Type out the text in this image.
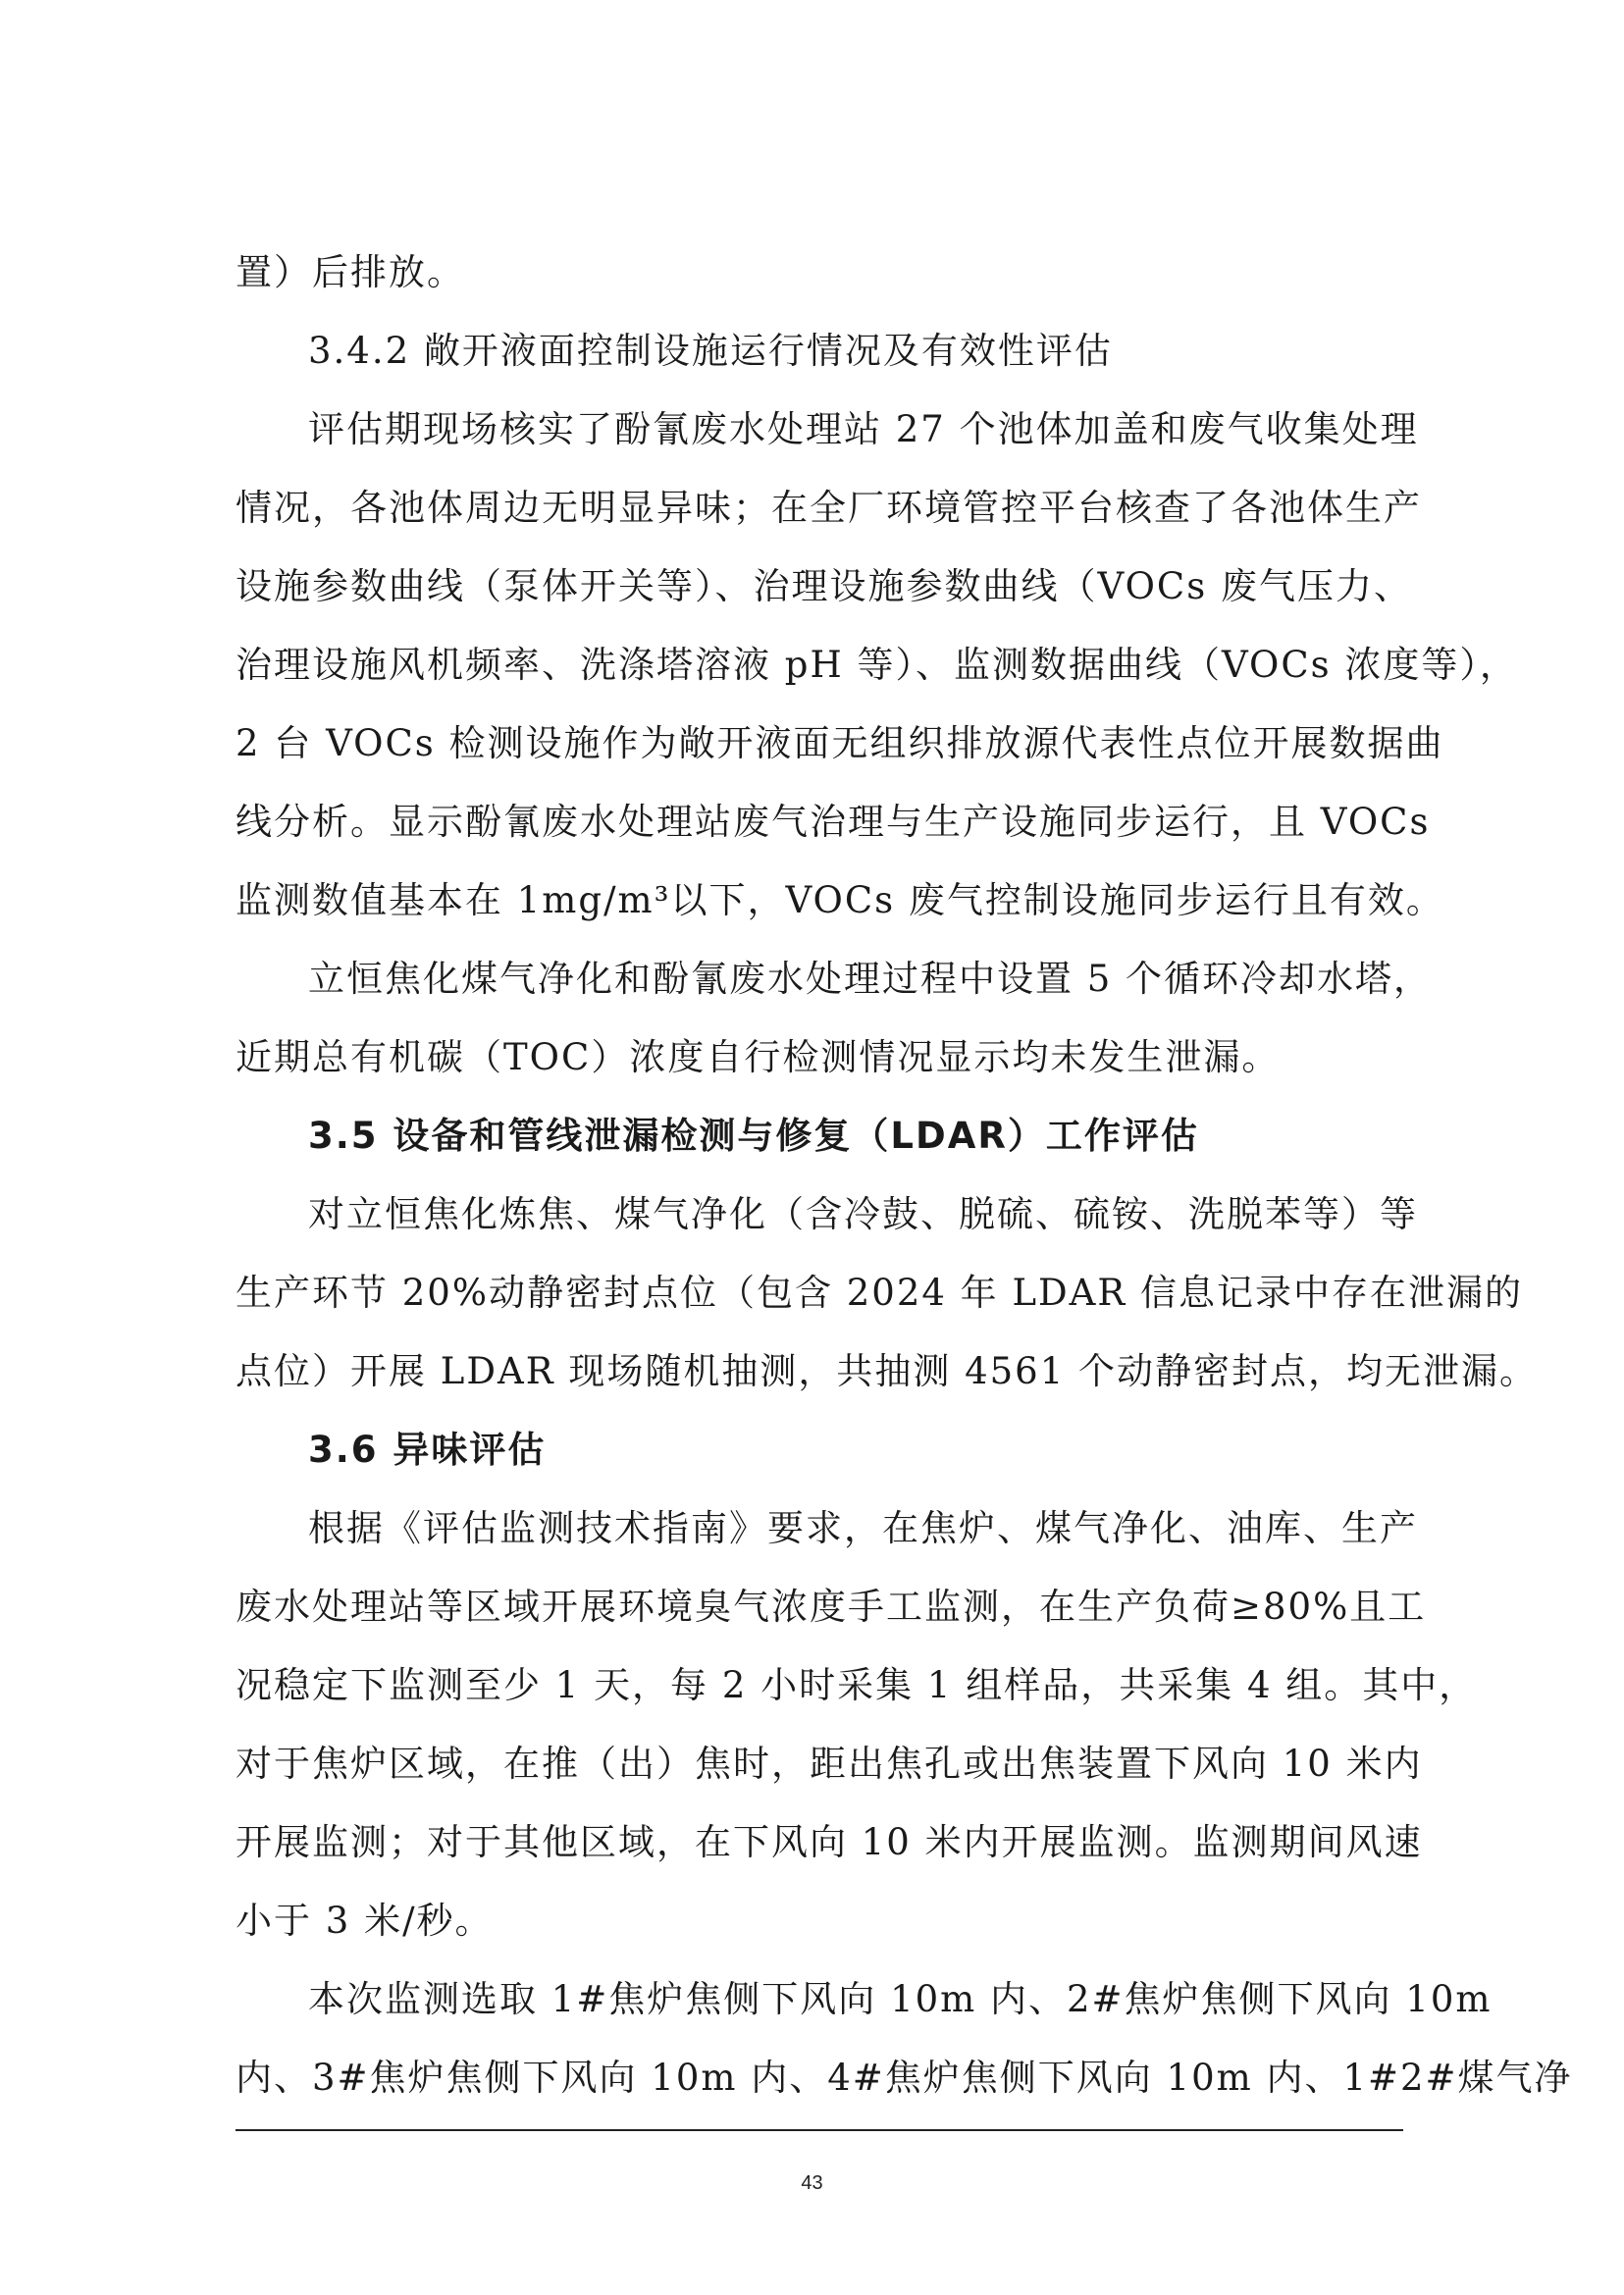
置）后排放。
3.4.2 敞开液面控制设施运行情况及有效性评估
评估期现场核实了酚氰废水处理站 27 个池体加盖和废气收集处理
情况，各池体周边无明显异味；在全厂环境管控平台核查了各池体生产
设施参数曲线（泵体开关等）、治理设施参数曲线（VOCs 废气压力、
治理设施风机频率、洗涤塔溶液 pH 等）、监测数据曲线（VOCs 浓度等），
2 台 VOCs 检测设施作为敞开液面无组织排放源代表性点位开展数据曲
线分析。显示酚氰废水处理站废气治理与生产设施同步运行，且 VOCs
监测数值基本在 1mg/m³以下，VOCs 废气控制设施同步运行且有效。
立恒焦化煤气净化和酚氰废水处理过程中设置 5 个循环冷却水塔，
近期总有机碳（TOC）浓度自行检测情况显示均未发生泄漏。
3.5 设备和管线泄漏检测与修复（LDAR）工作评估
对立恒焦化炼焦、煤气净化（含冷鼓、脱硫、硫铵、洗脱苯等）等
生产环节 20%动静密封点位（包含 2024 年 LDAR 信息记录中存在泄漏的
点位）开展 LDAR 现场随机抽测，共抽测 4561 个动静密封点，均无泄漏。
3.6 异味评估
根据《评估监测技术指南》要求，在焦炉、煤气净化、油库、生产
废水处理站等区域开展环境臭气浓度手工监测，在生产负荷≥80%且工
况稳定下监测至少 1 天，每 2 小时采集 1 组样品，共采集 4 组。其中，
对于焦炉区域，在推（出）焦时，距出焦孔或出焦装置下风向 10 米内
开展监测；对于其他区域，在下风向 10 米内开展监测。监测期间风速
小于 3 米/秒。
本次监测选取 1#焦炉焦侧下风向 10m 内、2#焦炉焦侧下风向 10m
内、3#焦炉焦侧下风向 10m 内、4#焦炉焦侧下风向 10m 内、1#2#煤气净
43
